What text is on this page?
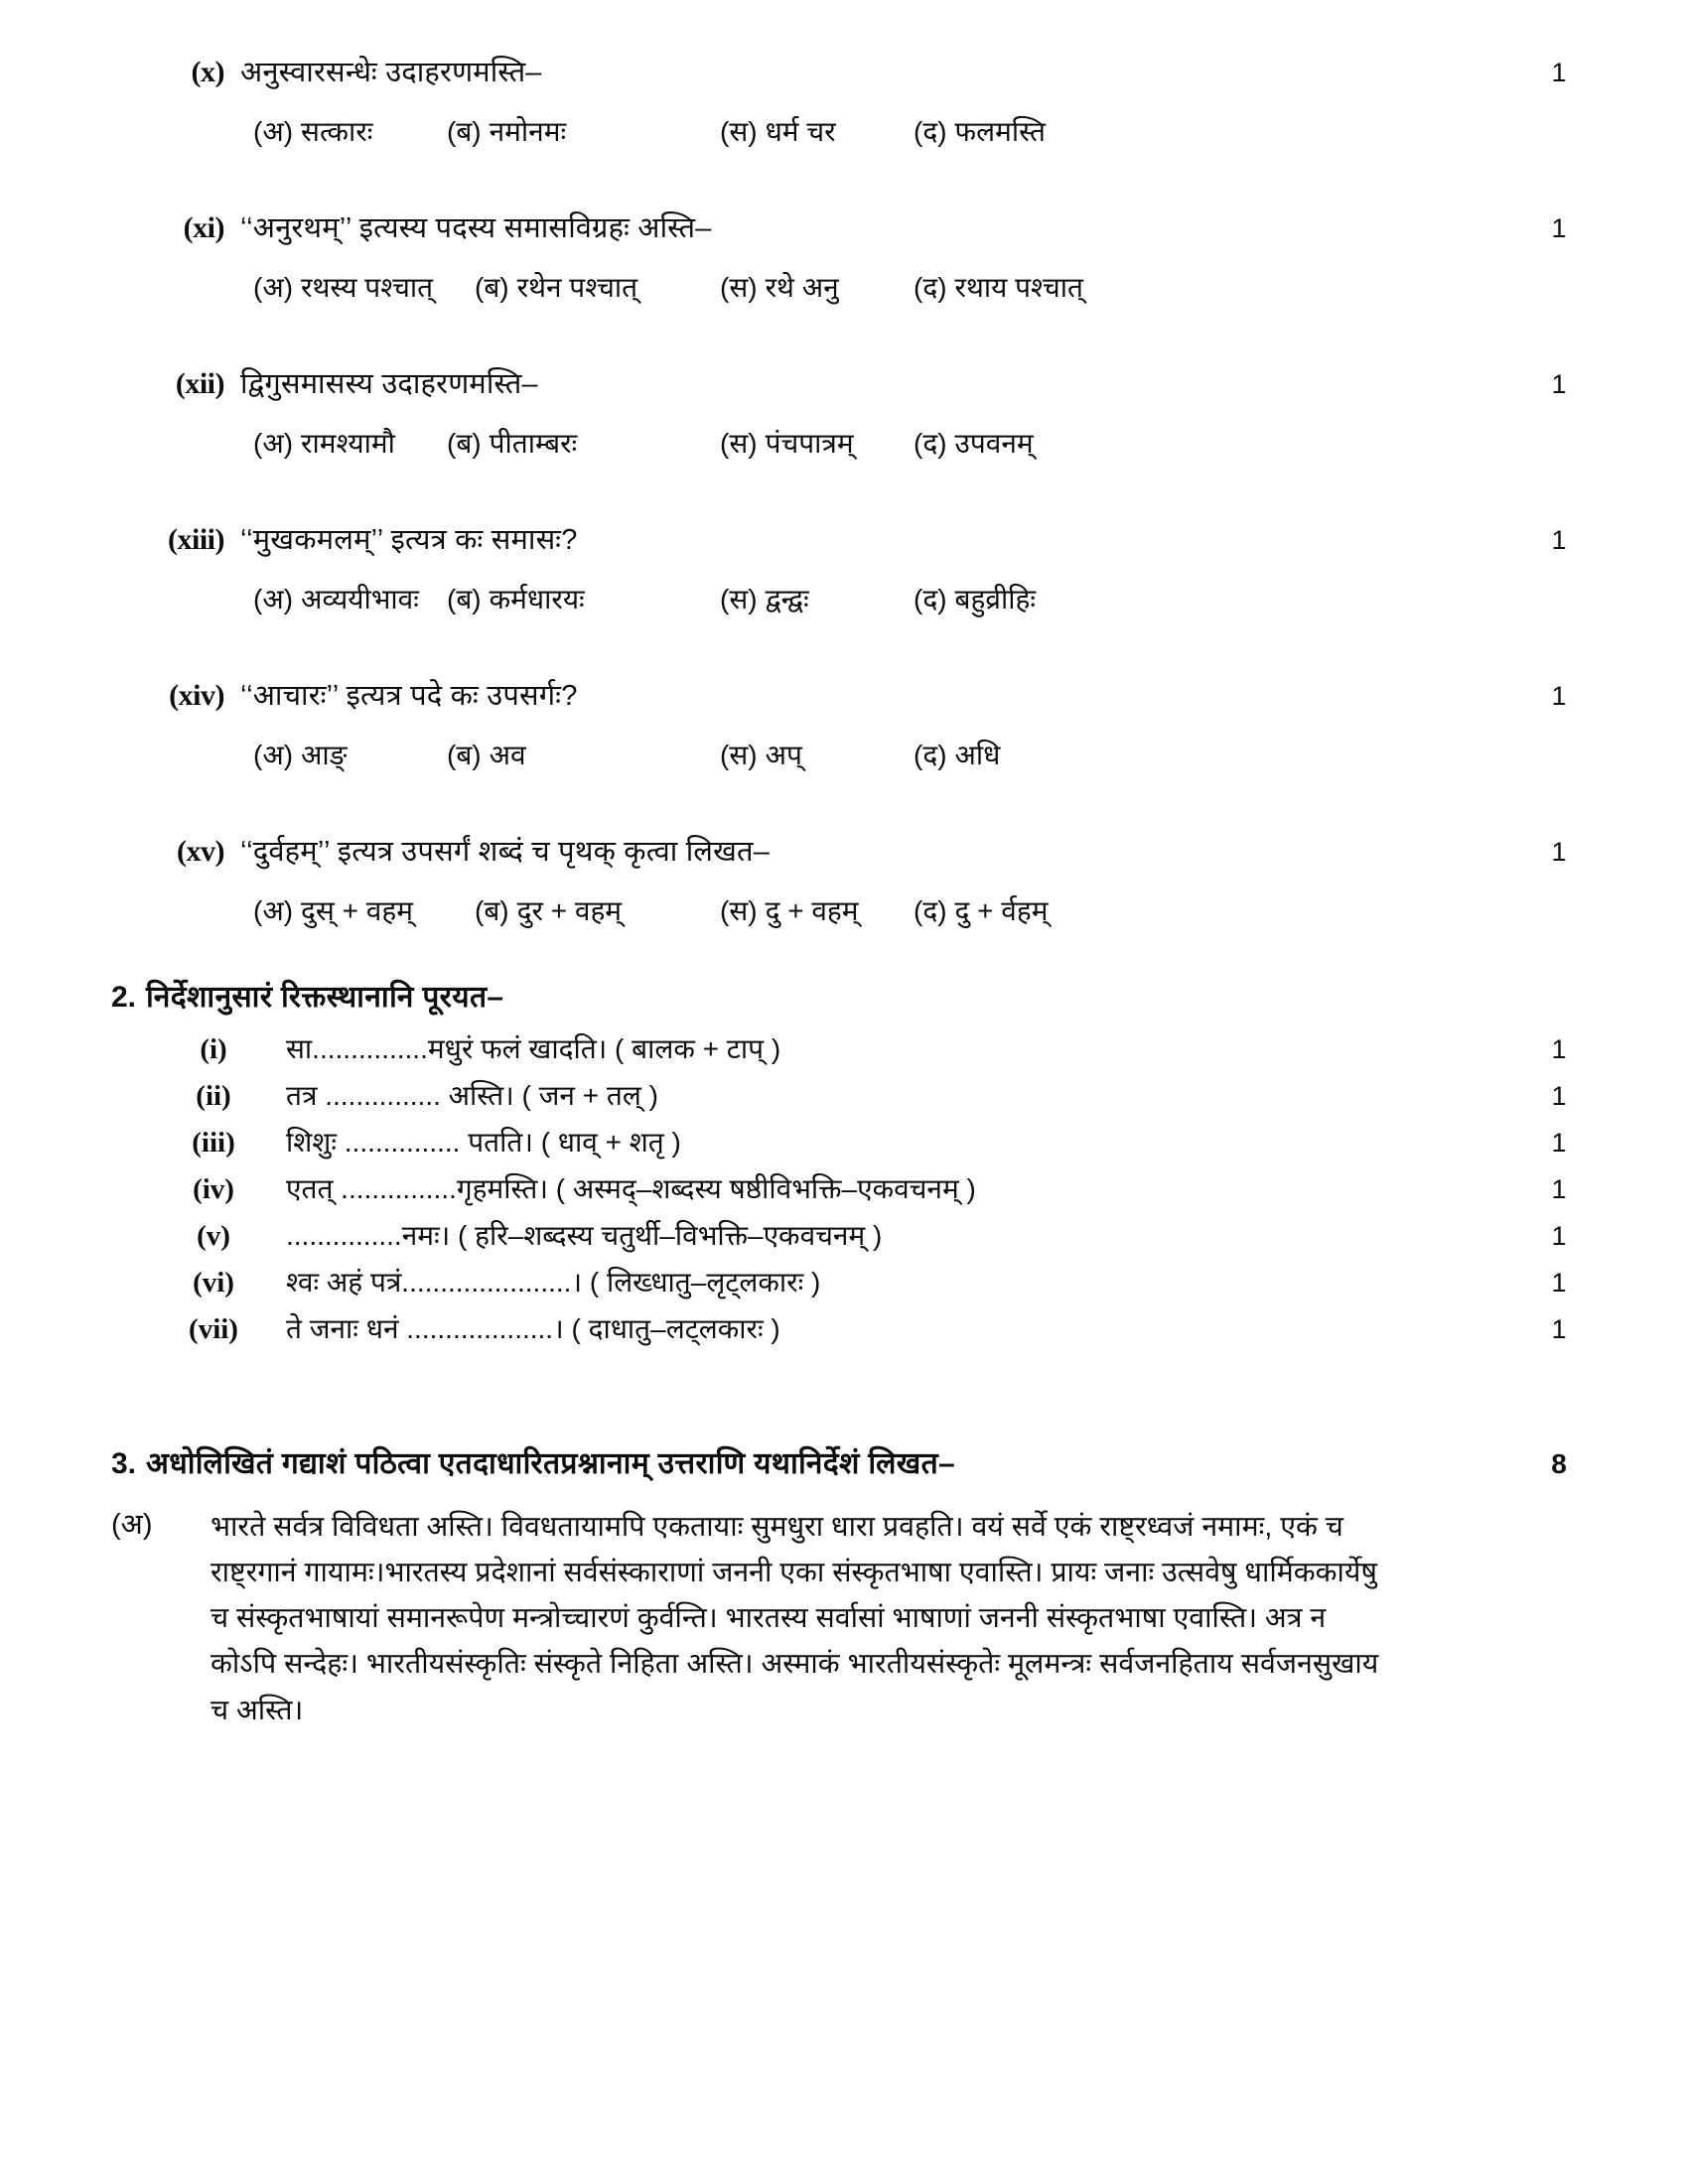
(x) अनुस्वारसन्धेः उदाहरणमस्ति–	1
(अ) सत्कारः	(ब) नमोनमः	(स) धर्म चर	(द) फलमस्ति
(xi) ‘‘अनुरथम्’’ इत्यस्य पदस्य समासविग्रहः अस्ति–	1
(अ) रथस्य पश्चात् (ब) रथेन पश्चात्	(स) रथे अनु	(द) रथाय पश्चात्
(xii) द्विगुसमासस्य उदाहरणमस्ति–	1
(अ) रामश्यामौ (ब) पीताम्बरः	(स) पंचपात्रम् (द) उपवनम्
(xiii) ‘‘मुखकमलम्’’ इत्यत्र कः समासः?	1
(अ) अव्ययीभावः (ब) कर्मधारयः	(स) द्वन्द्वः	(द) बहुव्रीहिः
(xiv) ‘‘आचारः’’ इत्यत्र पदे कः उपसर्गः?	1
(अ) आङ्	(ब) अव	(स) अप्	(द) अधि
(xv) ‘‘दुर्वहम्’’ इत्यत्र उपसर्गं शब्दं च पृथक् कृत्वा लिखत–	1
(अ) दुस् + वहम् (ब) दुर + वहम्	(स) दु + वहम् (द) दु + र्वहम्
2. निर्देशानुसारं रिक्तस्थानानि पूरयत–
(i)	सा...............मधुरं फलं खादति। ( बालक + टाप् )	1
(ii)	तत्र ............... अस्ति। ( जन + तल् )	1
(iii)	शिशुः ............... पतति। ( धाव् + शतृ )	1
(iv)	एतत् ...............गृहमस्ति। ( अस्मद्–शब्दस्य षष्ठीविभक्ति–एकवचनम् )	1
(v)	...............नमः। ( हरि–शब्दस्य चतुर्थी–विभक्ति–एकवचनम् )	1
(vi)	श्वः अहं पत्रं......................। ( लिख्धातु–लृट्लकारः )	1
(vii)	ते जनाः धनं ...................। ( दाधातु–लट्लकारः )	1
3. अधोलिखितं गद्याशं पठित्वा एतदाधारितप्रश्नानाम् उत्तराणि यथानिर्देशं लिखत–	8
(अ)	भारते सर्वत्र विविधता अस्ति। विवधतायामपि एकतायाः सुमधुरा धारा प्रवहति। वयं सर्वे एकं राष्ट्रध्वजं नमामः, एकं च राष्ट्रगानं गायामः।भारतस्य प्रदेशानां सर्वसंस्काराणां जननी एका संस्कृतभाषा एवास्ति। प्रायः जनाः उत्सवेषु धार्मिककार्येषु च संस्कृतभाषायां समानरूपेण मन्त्रोच्चारणं कुर्वन्ति। भारतस्य सर्वासां भाषाणां जननी संस्कृतभाषा एवास्ति। अत्र न कोऽपि सन्देहः। भारतीयसंस्कृतिः संस्कृते निहिता अस्ति। अस्माकं भारतीयसंस्कृतेः मूलमन्त्रः सर्वजनहिताय सर्वजनसुखाय च अस्ति।
